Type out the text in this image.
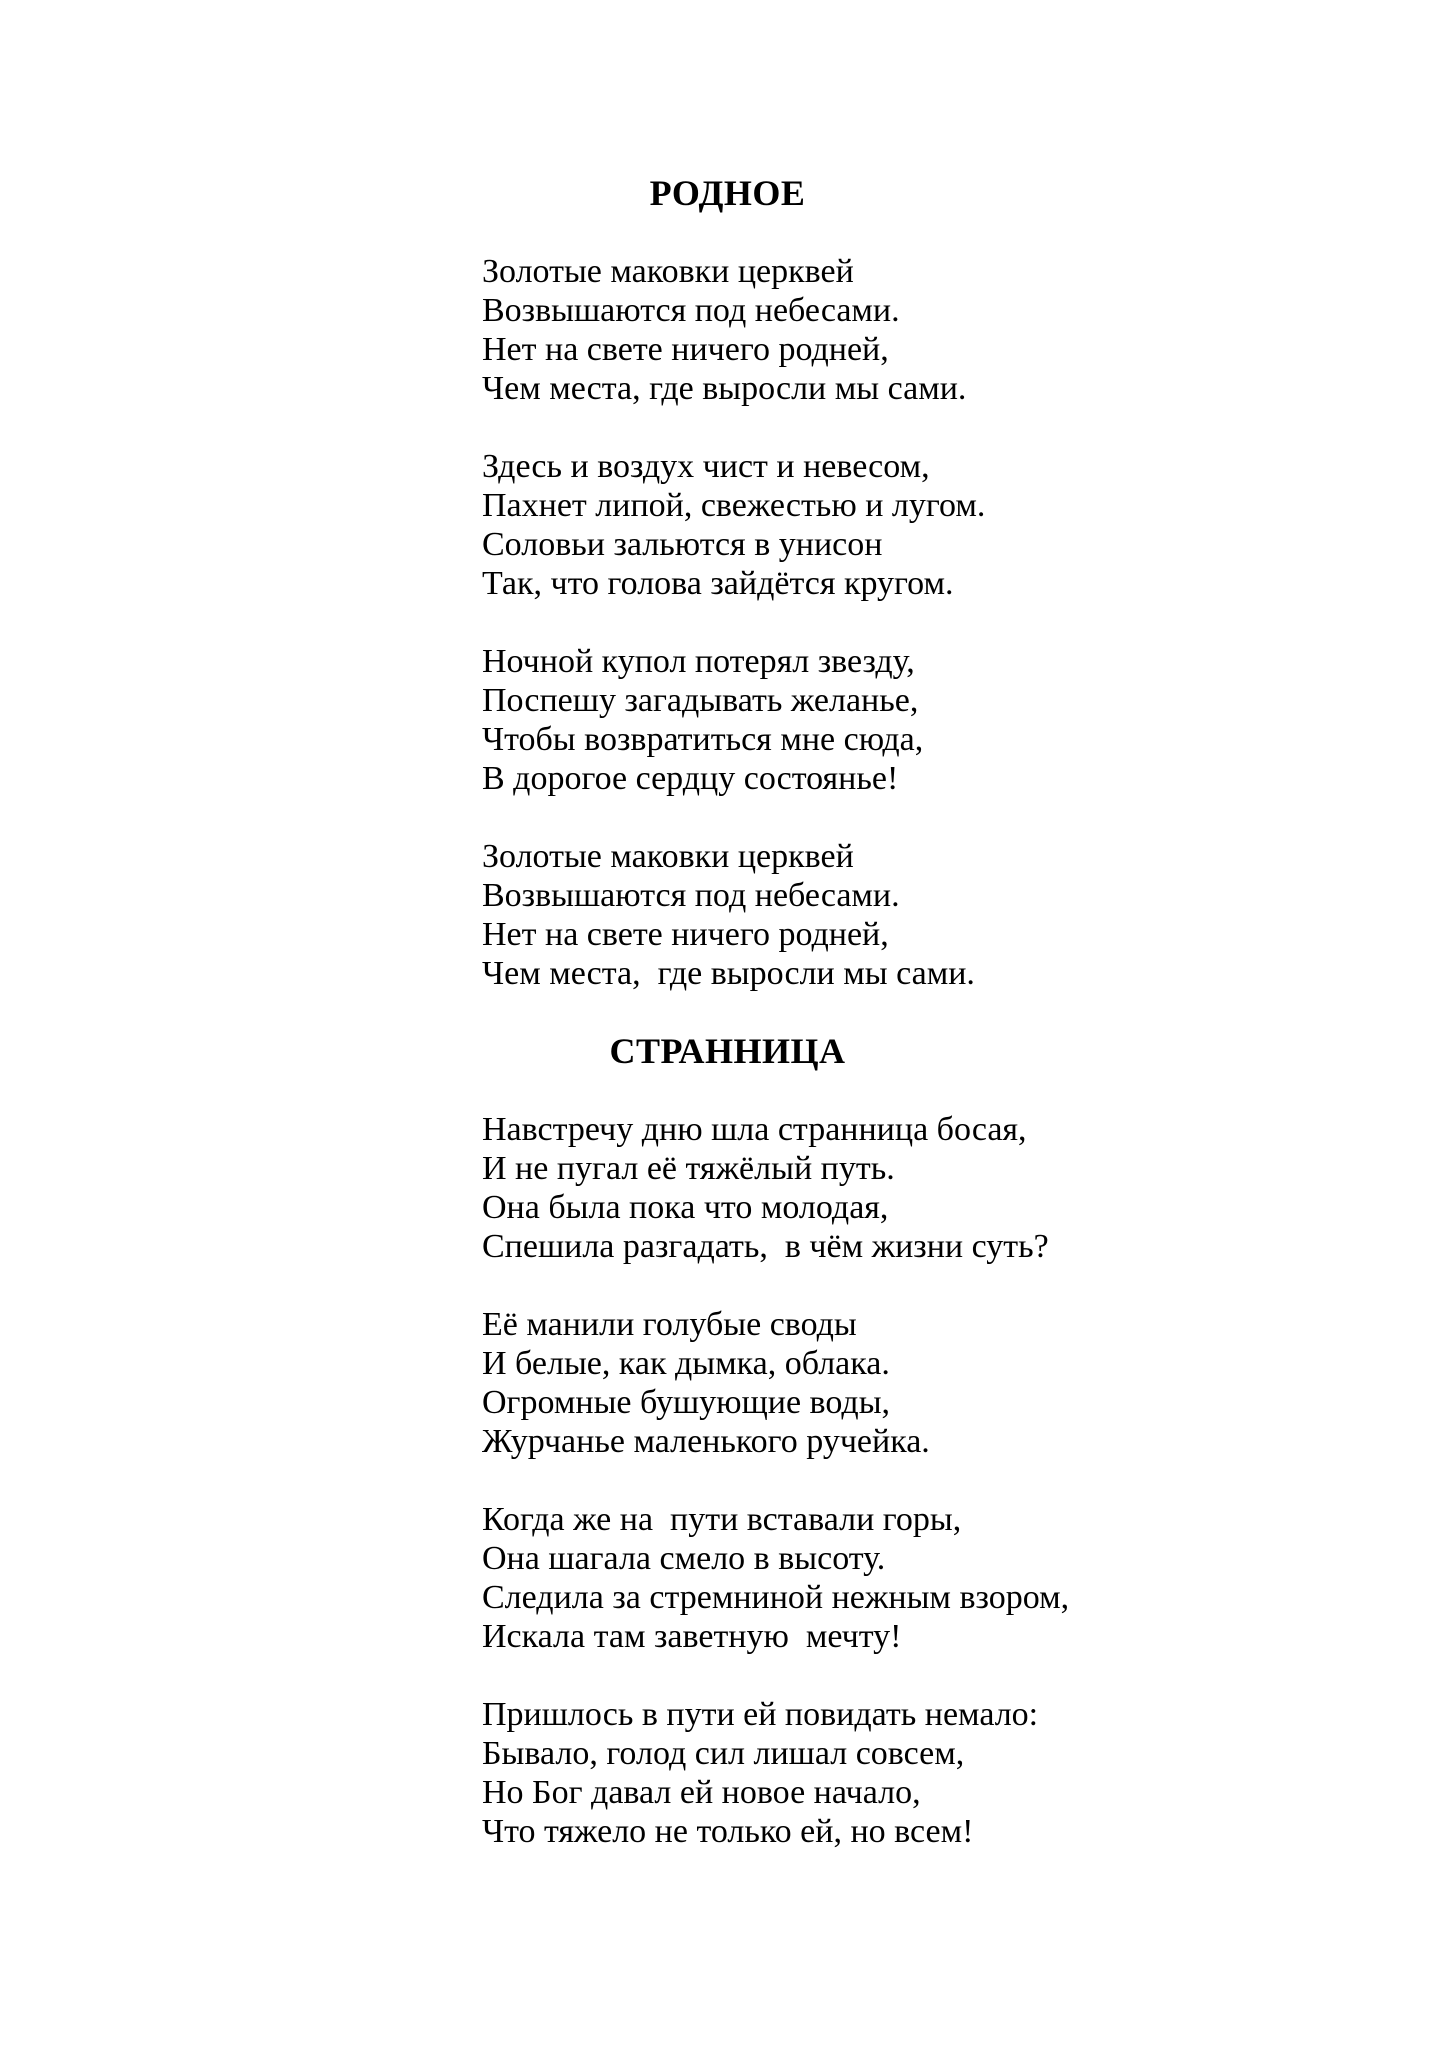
РОДНОЕ
Золотые маковки церквей
Возвышаются под небесами.
Нет на свете ничего родней,
Чем места, где выросли мы сами.
Здесь и воздух чист и невесом,
Пахнет липой, свежестью и лугом.
Соловьи зальются в унисон
Так, что голова зайдётся кругом.
Ночной купол потерял звезду,
Поспешу загадывать желанье,
Чтобы возвратиться мне сюда,
В дорогое сердцу состоянье!
Золотые маковки церквей
Возвышаются под небесами.
Нет на свете ничего родней,
Чем места,  где выросли мы сами.
СТРАННИЦА
Навстречу дню шла странница босая,
И не пугал её тяжёлый путь.
Она была пока что молодая,
Спешила разгадать,  в чём жизни суть?
Её манили голубые своды
И белые, как дымка, облака.
Огромные бушующие воды,
Журчанье маленького ручейка.
Когда же на  пути вставали горы,
Она шагала смело в высоту.
Следила за стремниной нежным взором,
Искала там заветную  мечту!
Пришлось в пути ей повидать немало:
Бывало, голод сил лишал совсем,
Но Бог давал ей новое начало,
Что тяжело не только ей, но всем!
